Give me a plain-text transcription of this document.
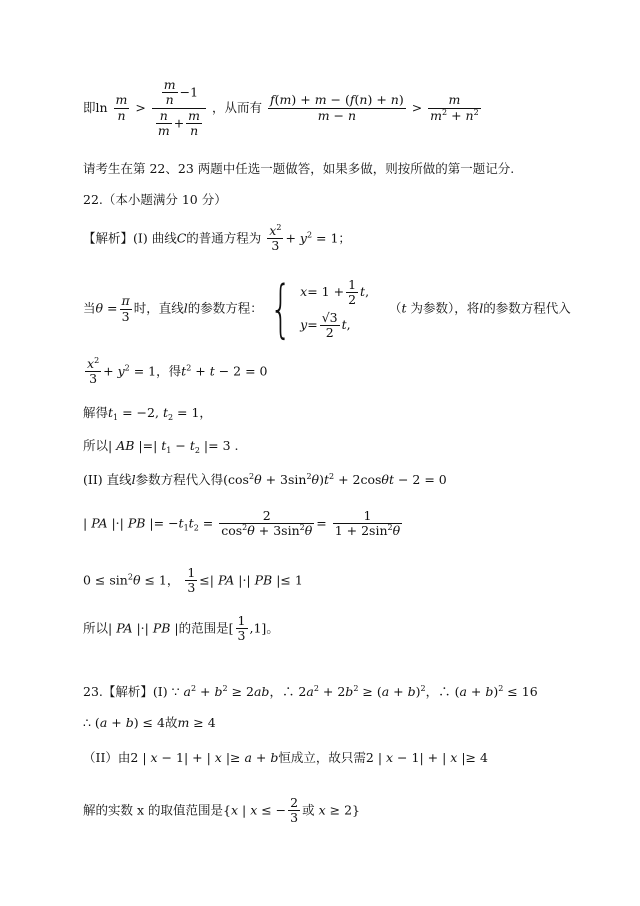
即$\ln \frac{m}{n} > \frac{\frac{m}{n} -1}{\frac{n}{m} + \frac{m}{n}}$ ，从而有 $\frac{f(m) + m - (f(n) + n)}{m - n} > \frac{m}{m^2 + n^2}$
请考生在第 22、23 两题中任选一题做答，如果多做，则按所做的第一题记分.
22.（本小题满分 10 分）
【解析】(I) 曲线C的普通方程为 $\frac{x^2}{3} + y^2 = 1$；
当$\theta = \frac{\pi}{3}$ 时，直线l的参数方程： { $x = 1 + \frac{1}{2}$ t ,
$y = \frac{√3}{2}$ t ,
（t 为参数），将l的参数方程代入
$\frac{x^2}{3} + y^2 = 1$，得$t^2 + t - 2 = 0$
解得$t_1 = -2$, $t_2 = 1$，
所以| AB |=| $t_1 - t_2$ |= 3 .
(II) 直线l参数方程代入得$(\cos^2\theta + 3\sin^2\theta)t^2 + 2\cos\theta t - 2 = 0$
| PA |·| PB |= $-t_1t_2 = \frac{2}{\cos^2\theta + 3\sin^2\theta} = \frac{1}{1 + 2\sin^2\theta}$
$0 \le \sin^2\theta \le 1$， $\frac{1}{3}$ ≤| PA |·| PB |≤ 1
所以| PA |·| PB |的范围是[ $\frac{1}{3} ,1$]。
23.【解析】(I) ∵ $a^2 + b^2 \ge 2ab$，∴ $2a^2 + 2b^2 \ge (a + b)^2$，∴ $(a + b)^2 \le 16$
∴ (a + b) ≤ 4故m ≥ 4
（II）由2 | x − 1| + | x |≥ a + b恒成立，故只需2 | x − 1| + | x |≥ 4
解的实数 x 的取值范围是{x | x ≤ − $\frac{2}{3}$ 或 x ≥ 2}
